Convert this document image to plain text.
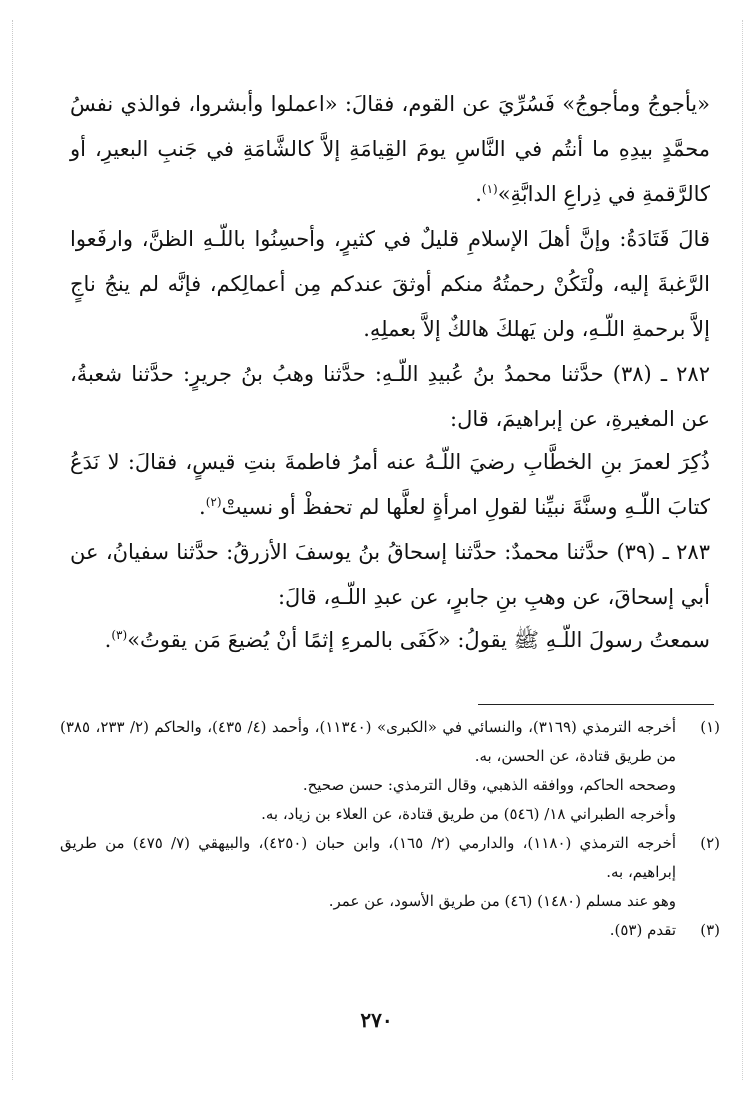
«يأجوجُ ومأجوجُ» فَسُرِّيَ عن القوم، فقالَ: «اعملوا وأبشروا، فوالذي نفسُ محمَّدٍ بيدِهِ ما أنتُم في النَّاسِ يومَ القِيامَةِ إلاَّ كالشَّامَةِ في جَنبِ البعيرِ، أو كالرَّقمةِ في ذِراعِ الدابَّةِ»$^{(١)}$.

قالَ قَتَادَةُ: وإنَّ أهلَ الإسلامِ قليلٌ في كثيرٍ، وأحسِنُوا باللّـهِ الظنَّ، وارفَعوا الرَّغبةَ إليه، ولْتَكُنْ رحمتُهُ منكم أوثقَ عندكم مِن أعمالِكم، فإنَّه لم ينجُ ناجٍ إلاَّ برحمةِ اللّـهِ، ولن يَهلكَ هالكٌ إلاَّ بعملِهِ.

٢٨٢ ـ (٣٨) حدَّثنا محمدُ بنُ عُبيدِ اللّـهِ: حدَّثنا وهبُ بنُ جريرٍ: حدَّثنا شعبةُ، عن المغيرةِ، عن إبراهيمَ، قال:

ذُكِرَ لعمرَ بنِ الخطَّابِ رضيَ اللّـهُ عنه أمرُ فاطمةَ بنتِ قيسٍ، فقالَ: لا نَدَعُ كتابَ اللّـهِ وسنَّةَ نبيِّنا لقولِ امرأةٍ لعلَّها لم تحفظْ أو نسيتْ$^{(٢)}$.

٢٨٣ ـ (٣٩) حدَّثنا محمدٌ: حدَّثنا إسحاقُ بنُ يوسفَ الأزرقُ: حدَّثنا سفيانُ، عن أبي إسحاقَ، عن وهبِ بنِ جابرٍ، عن عبدِ اللّـهِ، قالَ:

سمعتُ رسولَ اللّـهِ ﷺ يقولُ: «كَفَى بالمرءِ إثمًا أنْ يُضيعَ مَن يقوتُ»$^{(٣)}$.

(١)
أخرجه الترمذي (٣١٦٩)، والنسائي في «الكبرى» (١١٣٤٠)، وأحمد (٤/ ٤٣٥)، والحاكم (٢/ ٢٣٣، ٣٨٥) من طريق قتادة، عن الحسن، به.
وصححه الحاكم، ووافقه الذهبي، وقال الترمذي: حسن صحيح.
وأخرجه الطبراني ١٨/ (٥٤٦) من طريق قتادة، عن العلاء بن زياد، به.
(٢)
أخرجه الترمذي (١١٨٠)، والدارمي (٢/ ١٦٥)، وابن حبان (٤٢٥٠)، والبيهقي (٧/ ٤٧٥) من طريق إبراهيم، به.
وهو عند مسلم (١٤٨٠) (٤٦) من طريق الأسود، عن عمر.
(٣)
تقدم (٥٣).
٢٧٠
